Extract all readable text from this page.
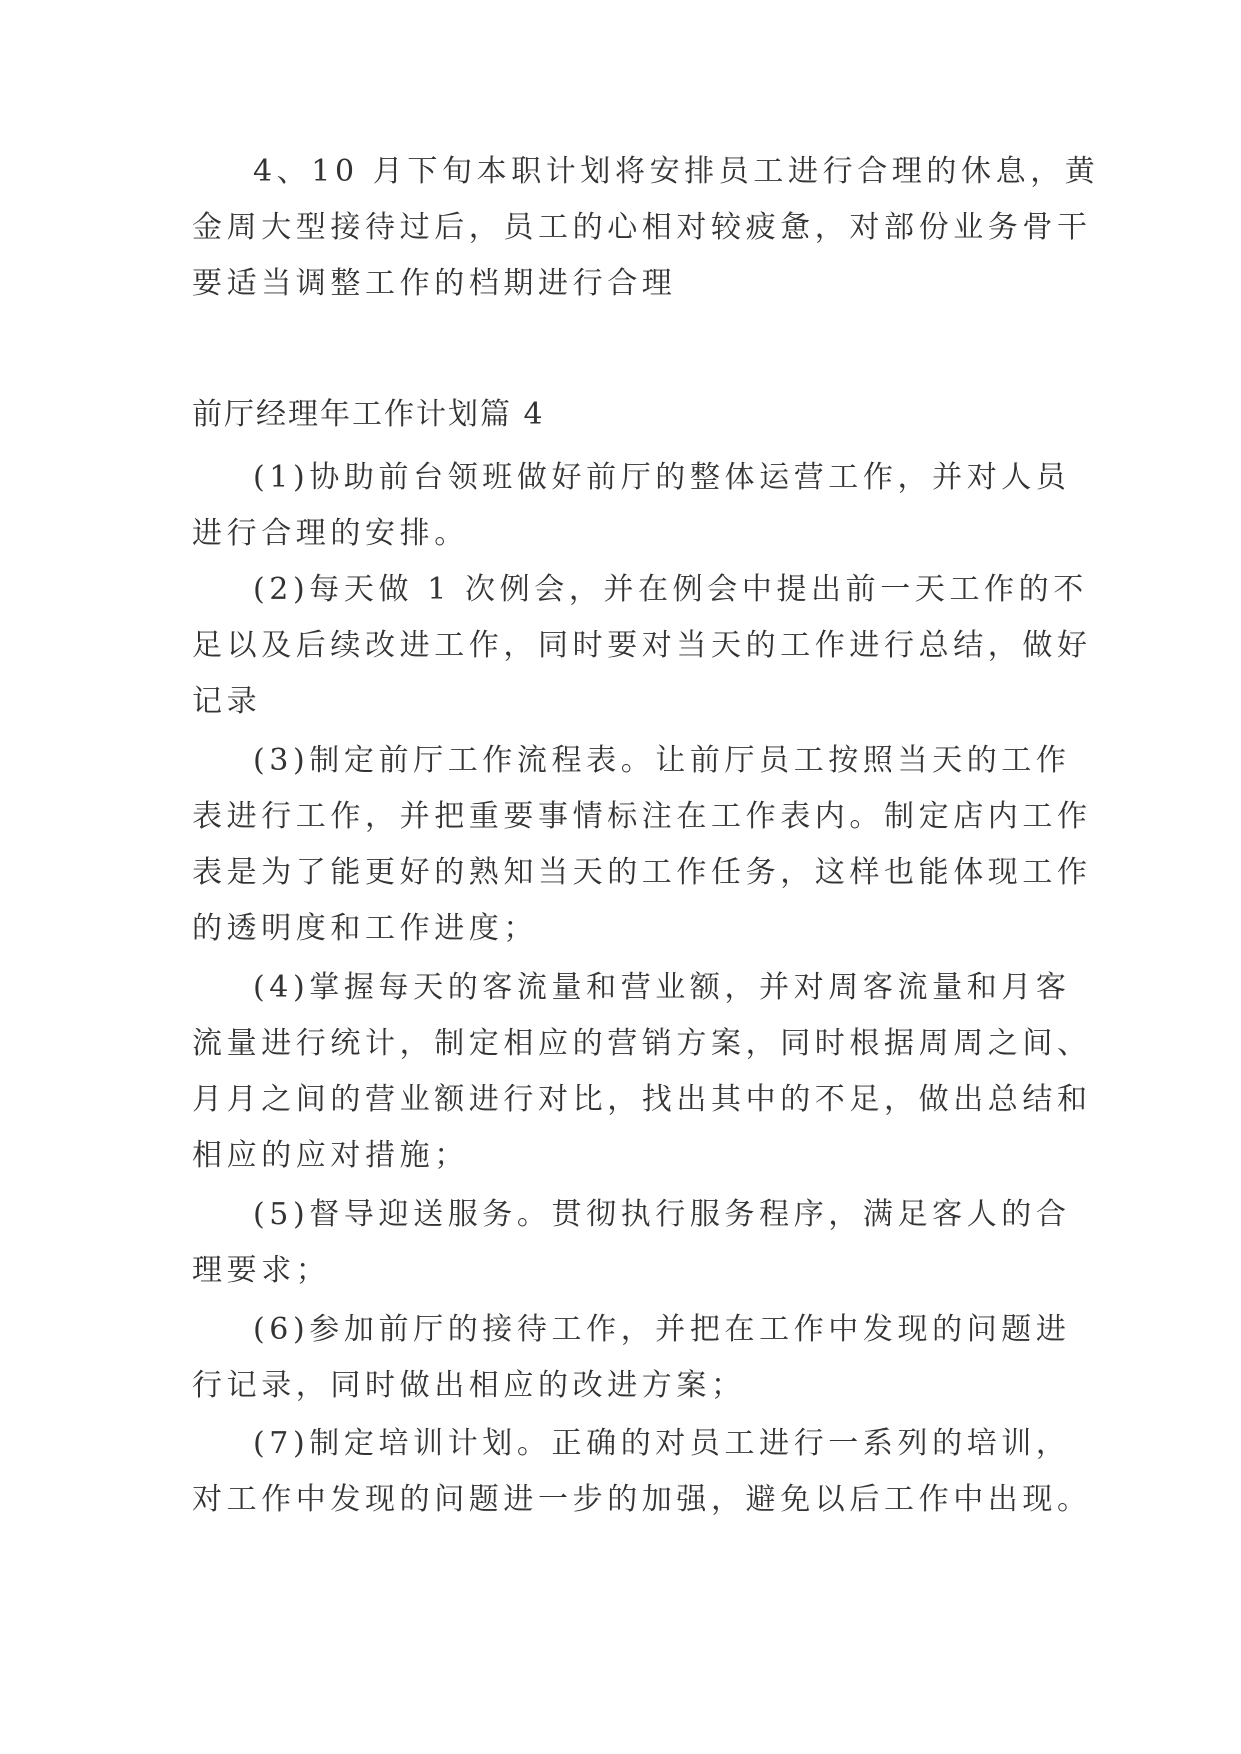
4、10 月下旬本职计划将安排员工进行合理的休息，黄
金周大型接待过后，员工的心相对较疲惫，对部份业务骨干
要适当调整工作的档期进行合理
前厅经理年工作计划篇 4
(1)协助前台领班做好前厅的整体运营工作，并对人员
进行合理的安排。
(2)每天做 1 次例会，并在例会中提出前一天工作的不
足以及后续改进工作，同时要对当天的工作进行总结，做好
记录
(3)制定前厅工作流程表。让前厅员工按照当天的工作
表进行工作，并把重要事情标注在工作表内。制定店内工作
表是为了能更好的熟知当天的工作任务，这样也能体现工作
的透明度和工作进度；
(4)掌握每天的客流量和营业额，并对周客流量和月客
流量进行统计，制定相应的营销方案，同时根据周周之间、
月月之间的营业额进行对比，找出其中的不足，做出总结和
相应的应对措施；
(5)督导迎送服务。贯彻执行服务程序，满足客人的合
理要求；
(6)参加前厅的接待工作，并把在工作中发现的问题进
行记录，同时做出相应的改进方案；
(7)制定培训计划。正确的对员工进行一系列的培训，
对工作中发现的问题进一步的加强，避免以后工作中出现。
